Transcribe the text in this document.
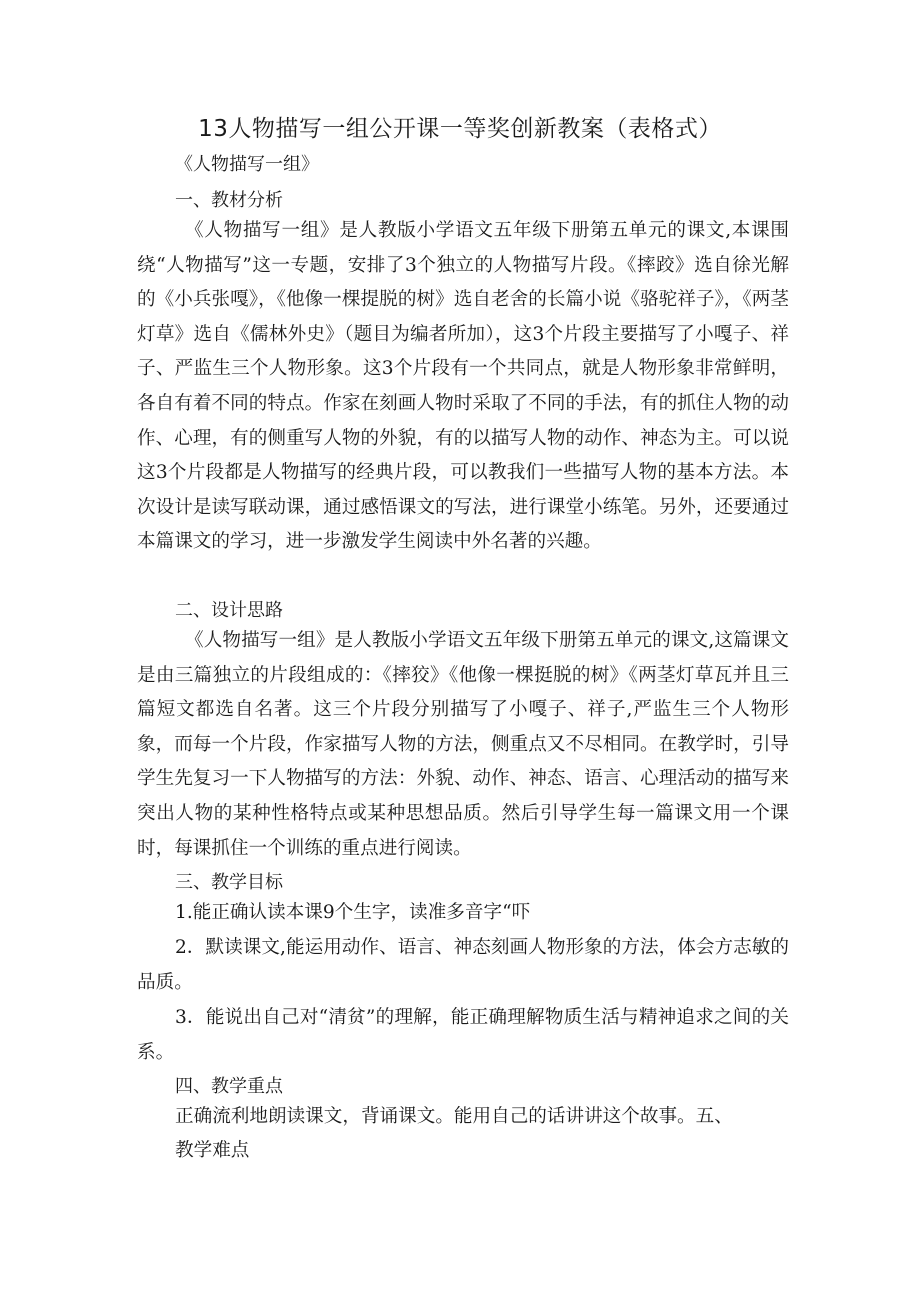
13人物描写一组公开课一等奖创新教案（表格式）
《人物描写一组》
一、教材分析
《人物描写一组》是人教版小学语文五年级下册第五单元的课文,本课围绕“人物描写”这一专题，安排了3个独立的人物描写片段。《摔跤》选自徐光解的《小兵张嘎》，《他像一棵提脱的树》选自老舍的长篇小说《骆驼祥子》，《两茎灯草》选自《儒林外史》（题目为编者所加），这3个片段主要描写了小嘎子、祥子、严监生三个人物形象。这3个片段有一个共同点，就是人物形象非常鲜明，各自有着不同的特点。作家在刻画人物时采取了不同的手法，有的抓住人物的动作、心理，有的侧重写人物的外貌，有的以描写人物的动作、神态为主。可以说这3个片段都是人物描写的经典片段，可以教我们一些描写人物的基本方法。本次设计是读写联动课，通过感悟课文的写法，进行课堂小练笔。另外，还要通过本篇课文的学习，进一步激发学生阅读中外名著的兴趣。
二、设计思路
《人物描写一组》是人教版小学语文五年级下册第五单元的课文,这篇课文是由三篇独立的片段组成的：《摔狡》《他像一棵挺脱的树》《两茎灯草瓦并且三篇短文都选自名著。这三个片段分别描写了小嘎子、祥子,严监生三个人物形象，而每一个片段，作家描写人物的方法，侧重点又不尽相同。在教学时，引导学生先复习一下人物描写的方法：外貌、动作、神态、语言、心理活动的描写来突出人物的某种性格特点或某种思想品质。然后引导学生每一篇课文用一个课时，每课抓住一个训练的重点进行阅读。
三、教学目标
1.能正确认读本课9个生字，读准多音字“吓
2．默读课文,能运用动作、语言、神态刻画人物形象的方法，体会方志敏的品质。
3．能说出自己对“清贫”的理解，能正确理解物质生活与精神追求之间的关系。
四、教学重点
正确流利地朗读课文，背诵课文。能用自己的话讲讲这个故事。五、
教学难点
